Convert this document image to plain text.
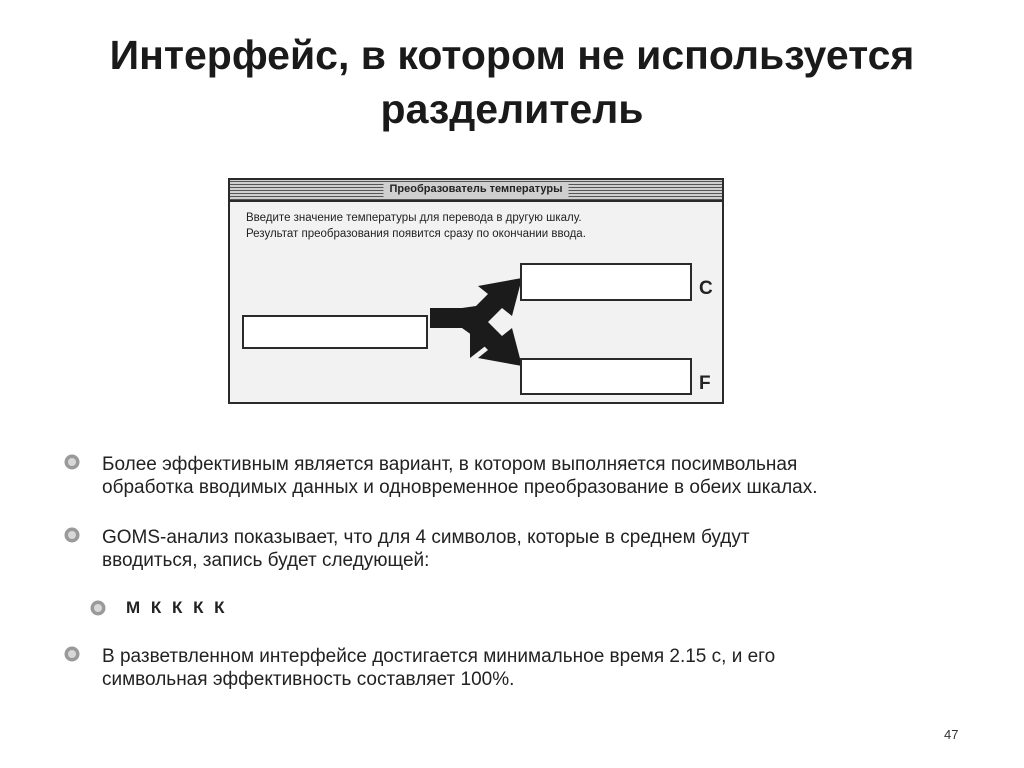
Интерфейс, в котором не используется
разделитель
Преобразователь температуры
Введите значение температуры для перевода в другую шкалу.
Результат преобразования появится сразу по окончании ввода.
C
F
Более эффективным является вариант, в котором выполняется посимвольная
обработка вводимых данных и одновременное преобразование в обеих шкалах.
GOMS-анализ показывает, что для 4 символов, которые в среднем будут
вводиться, запись будет следующей:
М К К К К
В разветвленном интерфейсе достигается минимальное время 2.15 с, и его
символьная эффективность составляет 100%.
47
